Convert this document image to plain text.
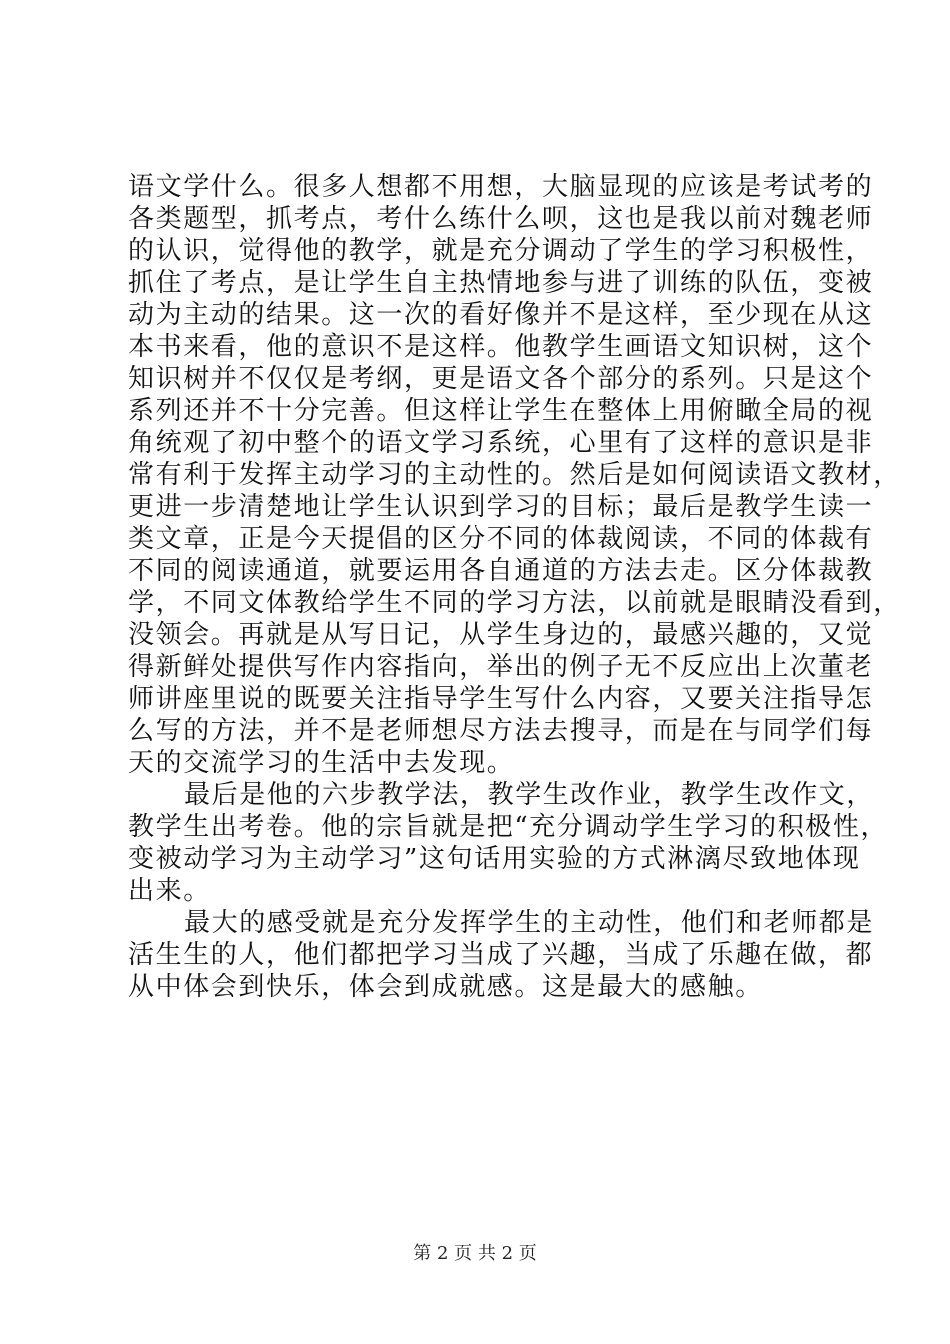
语文学什么。很多人想都不用想，大脑显现的应该是考试考的
各类题型，抓考点，考什么练什么呗，这也是我以前对魏老师
的认识，觉得他的教学，就是充分调动了学生的学习积极性，
抓住了考点，是让学生自主热情地参与进了训练的队伍，变被
动为主动的结果。这一次的看好像并不是这样，至少现在从这
本书来看，他的意识不是这样。他教学生画语文知识树，这个
知识树并不仅仅是考纲，更是语文各个部分的系列。只是这个
系列还并不十分完善。但这样让学生在整体上用俯瞰全局的视
角统观了初中整个的语文学习系统，心里有了这样的意识是非
常有利于发挥主动学习的主动性的。然后是如何阅读语文教材，
更进一步清楚地让学生认识到学习的目标；最后是教学生读一
类文章，正是今天提倡的区分不同的体裁阅读，不同的体裁有
不同的阅读通道，就要运用各自通道的方法去走。区分体裁教
学，不同文体教给学生不同的学习方法，以前就是眼睛没看到，
没领会。再就是从写日记，从学生身边的，最感兴趣的，又觉
得新鲜处提供写作内容指向，举出的例子无不反应出上次董老
师讲座里说的既要关注指导学生写什么内容，又要关注指导怎
么写的方法，并不是老师想尽方法去搜寻，而是在与同学们每
天的交流学习的生活中去发现。
最后是他的六步教学法，教学生改作业，教学生改作文，
教学生出考卷。他的宗旨就是把“充分调动学生学习的积极性，
变被动学习为主动学习”这句话用实验的方式淋漓尽致地体现
出来。
最大的感受就是充分发挥学生的主动性，他们和老师都是
活生生的人，他们都把学习当成了兴趣，当成了乐趣在做，都
从中体会到快乐，体会到成就感。这是最大的感触。
第 2 页 共 2 页
